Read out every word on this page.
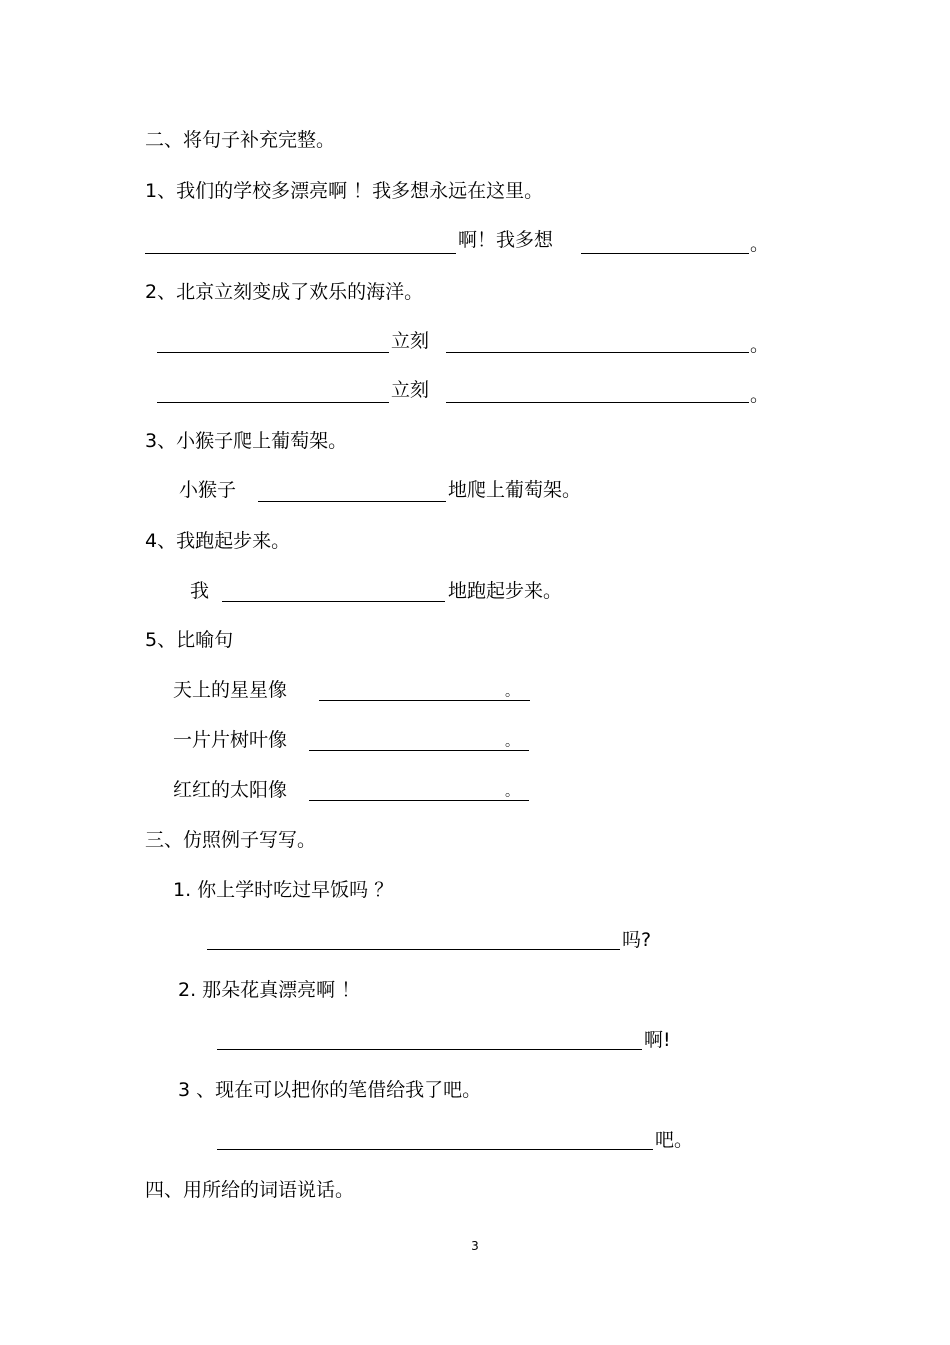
二、将句子补充完整。
1、我们的学校多漂亮啊 ！我多想永远在这里。
啊！我多想	。
2、北京立刻变成了欢乐的海洋。
立刻	。
立刻	。
3、小猴子爬上葡萄架。
小猴子	地爬上葡萄架。
4、我跑起步来。
我	地跑起步来。
5、比喻句
天上的星星像	。
一片片树叶像	。
红红的太阳像	。
三、仿照例子写写。
1. 你上学时吃过早饭吗 ？
吗?
2. 那朵花真漂亮啊 ！
啊!
3 、现在可以把你的笔借给我了吧。
吧。
四、用所给的词语说话。
3
